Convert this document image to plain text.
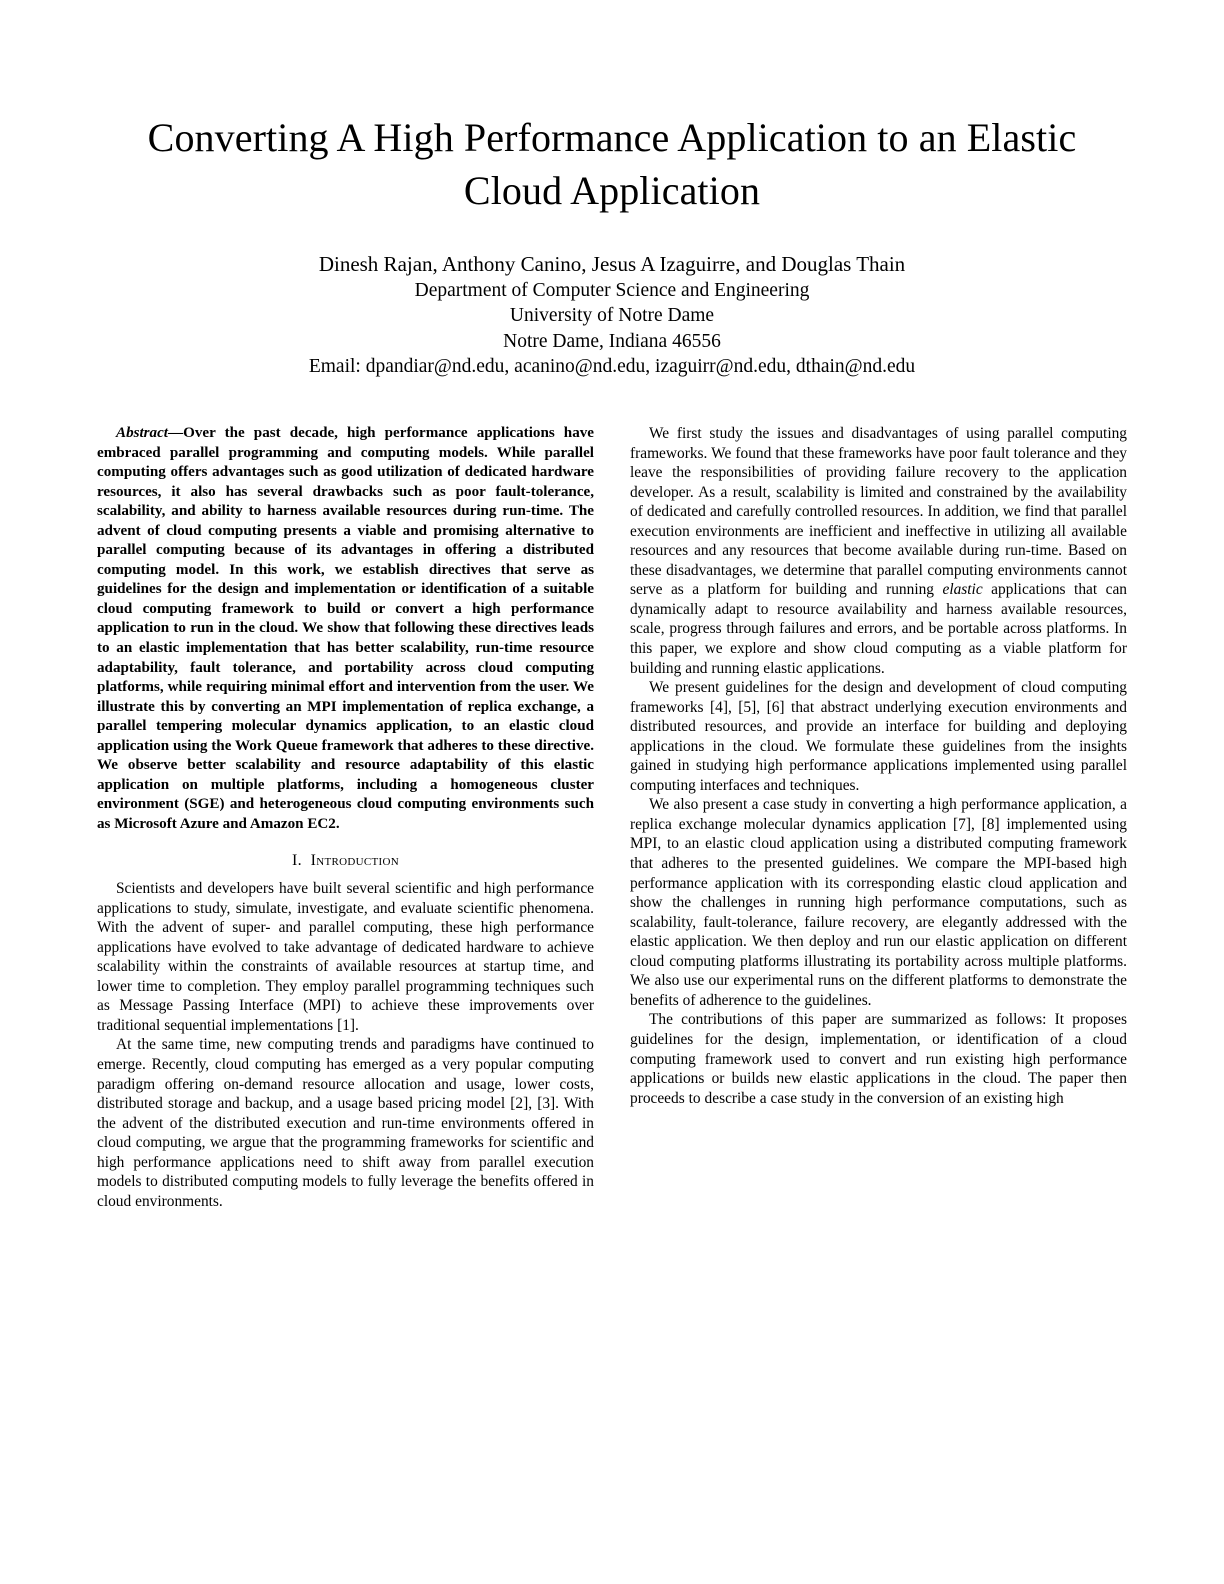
Converting A High Performance Application to an Elastic Cloud Application

Dinesh Rajan, Anthony Canino, Jesus A Izaguirre, and Douglas Thain

Department of Computer Science and Engineering

University of Notre Dame

Notre Dame, Indiana 46556

Email: dpandiar@nd.edu, acanino@nd.edu, izaguirr@nd.edu, dthain@nd.edu

Abstract—Over the past decade, high performance applications have embraced parallel programming and computing models. While parallel computing offers advantages such as good utilization of dedicated hardware resources, it also has several drawbacks such as poor fault-tolerance, scalability, and ability to harness available resources during run-time. The advent of cloud computing presents a viable and promising alternative to parallel computing because of its advantages in offering a distributed computing model. In this work, we establish directives that serve as guidelines for the design and implementation or identification of a suitable cloud computing framework to build or convert a high performance application to run in the cloud. We show that following these directives leads to an elastic implementation that has better scalability, run-time resource adaptability, fault tolerance, and portability across cloud computing platforms, while requiring minimal effort and intervention from the user. We illustrate this by converting an MPI implementation of replica exchange, a parallel tempering molecular dynamics application, to an elastic cloud application using the Work Queue framework that adheres to these directive. We observe better scalability and resource adaptability of this elastic application on multiple platforms, including a homogeneous cluster environment (SGE) and heterogeneous cloud computing environments such as Microsoft Azure and Amazon EC2.

I. Introduction

Scientists and developers have built several scientific and high performance applications to study, simulate, investigate, and evaluate scientific phenomena. With the advent of super- and parallel computing, these high performance applications have evolved to take advantage of dedicated hardware to achieve scalability within the constraints of available resources at startup time, and lower time to completion. They employ parallel programming techniques such as Message Passing Interface (MPI) to achieve these improvements over traditional sequential implementations [1].

At the same time, new computing trends and paradigms have continued to emerge. Recently, cloud computing has emerged as a very popular computing paradigm offering on-demand resource allocation and usage, lower costs, distributed storage and backup, and a usage based pricing model [2], [3]. With the advent of the distributed execution and run-time environments offered in cloud computing, we argue that the programming frameworks for scientific and high performance applications need to shift away from parallel execution models to distributed computing models to fully leverage the benefits offered in cloud environments.

We first study the issues and disadvantages of using parallel computing frameworks. We found that these frameworks have poor fault tolerance and they leave the responsibilities of providing failure recovery to the application developer. As a result, scalability is limited and constrained by the availability of dedicated and carefully controlled resources. In addition, we find that parallel execution environments are inefficient and ineffective in utilizing all available resources and any resources that become available during run-time. Based on these disadvantages, we determine that parallel computing environments cannot serve as a platform for building and running elastic applications that can dynamically adapt to resource availability and harness available resources, scale, progress through failures and errors, and be portable across platforms. In this paper, we explore and show cloud computing as a viable platform for building and running elastic applications.

We present guidelines for the design and development of cloud computing frameworks [4], [5], [6] that abstract underlying execution environments and distributed resources, and provide an interface for building and deploying applications in the cloud. We formulate these guidelines from the insights gained in studying high performance applications implemented using parallel computing interfaces and techniques.

We also present a case study in converting a high performance application, a replica exchange molecular dynamics application [7], [8] implemented using MPI, to an elastic cloud application using a distributed computing framework that adheres to the presented guidelines. We compare the MPI-based high performance application with its corresponding elastic cloud application and show the challenges in running high performance computations, such as scalability, fault-tolerance, failure recovery, are elegantly addressed with the elastic application. We then deploy and run our elastic application on different cloud computing platforms illustrating its portability across multiple platforms. We also use our experimental runs on the different platforms to demonstrate the benefits of adherence to the guidelines.

The contributions of this paper are summarized as follows: It proposes guidelines for the design, implementation, or identification of a cloud computing framework used to convert and run existing high performance applications or builds new elastic applications in the cloud. The paper then proceeds to describe a case study in the conversion of an existing high
